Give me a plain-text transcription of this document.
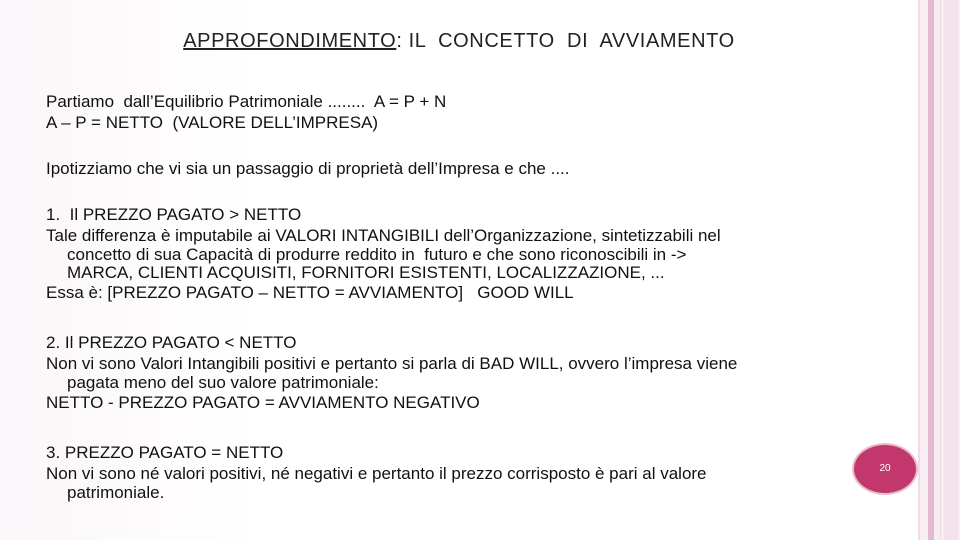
APPROFONDIMENTO: IL  CONCETTO  DI  AVVIAMENTO

Partiamo  dall’Equilibrio Patrimoniale ........  A = P + N

A – P = NETTO  (VALORE DELL’IMPRESA)

Ipotizziamo che vi sia un passaggio di proprietà dell’Impresa e che ....

1.  Il PREZZO PAGATO > NETTO

Tale differenza è imputabile ai VALORI INTANGIBILI dell’Organizzazione, sintetizzabili nel

concetto di sua Capacità di produrre reddito in  futuro e che sono riconoscibili in ->

MARCA, CLIENTI ACQUISITI, FORNITORI ESISTENTI, LOCALIZZAZIONE, ...

Essa è: [PREZZO PAGATO – NETTO = AVVIAMENTO]   GOOD WILL

2. Il PREZZO PAGATO < NETTO

Non vi sono Valori Intangibili positivi e pertanto si parla di BAD WILL, ovvero l’impresa viene

pagata meno del suo valore patrimoniale:

NETTO - PREZZO PAGATO = AVVIAMENTO NEGATIVO

3. PREZZO PAGATO = NETTO

Non vi sono né valori positivi, né negativi e pertanto il prezzo corrisposto è pari al valore

patrimoniale.

20
